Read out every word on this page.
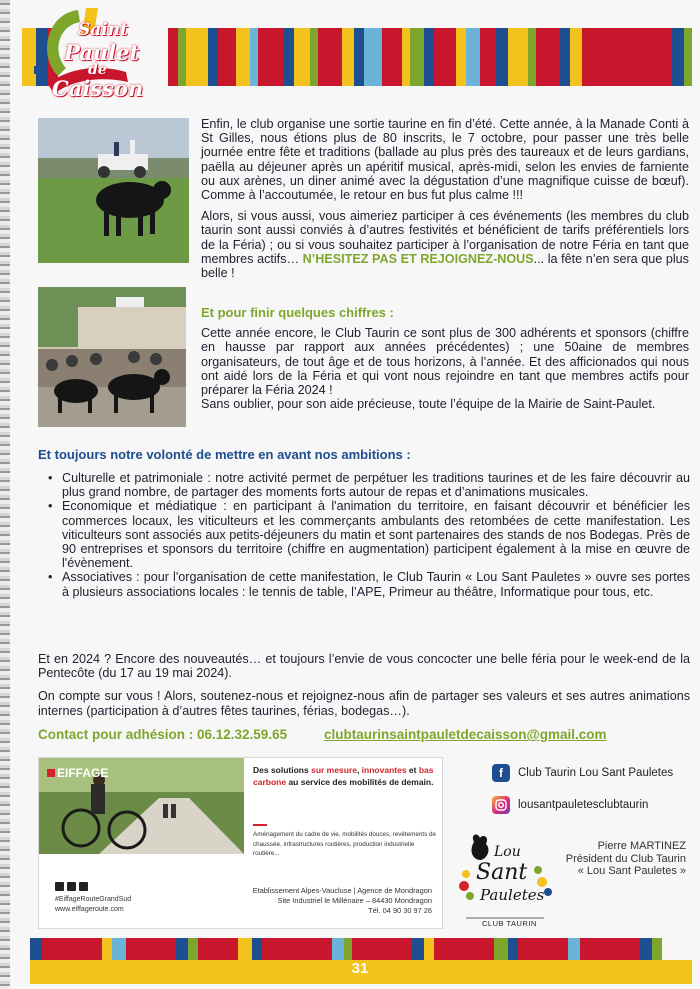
Saint
Paulet
de
Caisson

Enfin, le club organise une sortie taurine en fin d’été. Cette année, à la Manade Conti à St Gilles, nous étions plus de 80 inscrits, le 7 octobre, pour passer une très belle journée entre fête et traditions (ballade au plus près des taureaux et de leurs gardians, paëlla au déjeuner après un apéritif musical, après-midi, selon les envies de farniente ou aux arènes, un diner animé avec la dégustation d’une magnifique cuisse de bœuf). Comme à l’accoutumée, le retour en bus fut plus calme !!!

Alors, si vous aussi, vous aimeriez participer à ces événements (les membres du club taurin sont aussi conviés à d’autres festivités et bénéficient de tarifs préférentiels lors de la Féria) ; ou si vous souhaitez participer à l’organisation de notre Féria en tant que membres actifs… N’HESITEZ PAS ET REJOIGNEZ-NOUS... la fête n’en sera que plus belle !

Et pour finir quelques chiffres :

Cette année encore, le Club Taurin ce sont plus de 300 adhérents et sponsors (chiffre en hausse par rapport aux années précédentes) ; une 50aine de membres organisateurs, de tout âge et de tous horizons, à l’année. Et des afficionados qui nous ont aidé lors de la Féria et qui vont nous rejoindre en tant que membres actifs pour préparer la Féria 2024 !

Sans oublier, pour son aide précieuse, toute l’équipe de la Mairie de Saint-Paulet.

Et toujours notre volonté de mettre en avant nos ambitions :
• Culturelle et patrimoniale : notre activité permet de perpétuer les traditions taurines et de les faire découvrir au plus grand nombre, de partager des moments forts autour de repas et d’animations musicales.
• Economique et médiatique : en participant à l'animation du territoire, en faisant découvrir et bénéficier les commerces locaux, les viticulteurs et les commerçants ambulants des retombées de cette manifestation. Les viticulteurs sont associés aux petits-déjeuners du matin et sont partenaires des stands de nos Bodegas. Près de 90 entreprises et sponsors du territoire (chiffre en augmentation) participent également à la mise en œuvre de l'évènement.
• Associatives : pour l'organisation de cette manifestation, le Club Taurin « Lou Sant Pauletes » ouvre ses portes à plusieurs associations locales : le tennis de table, l’APE, Primeur au théâtre, Informatique pour tous, etc.

Et en 2024 ? Encore des nouveautés… et toujours l’envie de vous concocter une belle féria pour le week-end de la Pentecôte (du 17 au 19 mai 2024).

On compte sur vous ! Alors, soutenez-nous et rejoignez-nous afin de partager ses valeurs et ses autres animations internes (participation à d’autres fêtes taurines, férias, bodegas…).

Contact pour adhésion : 06.12.32.59.65	clubtaurinsaintpauletdecaisson@gmail.com
EIFFAGE	Des solutions sur mesure, innovantes et bas carbone au service des mobilités de demain.
Aménagement du cadre de vie, mobilités douces, revêtements de chaussée, infrastructures routières, production industrielle routière...
#EiffageRouteGrandSud
www.eiffageroute.com
Etablissement Alpes-Vaucluse | Agence de Mondragon
Site Industriel le Millénaire – 84430 Mondragon
Tél. 04 90 30 97 26
f	Club Taurin Lou Sant Pauletes
lousantpauletesclubtaurin
Lou
Sant
Pauletes
CLUB TAURIN
Pierre MARTINEZ
Président du Club Taurin
« Lou Sant Pauletes »
31
